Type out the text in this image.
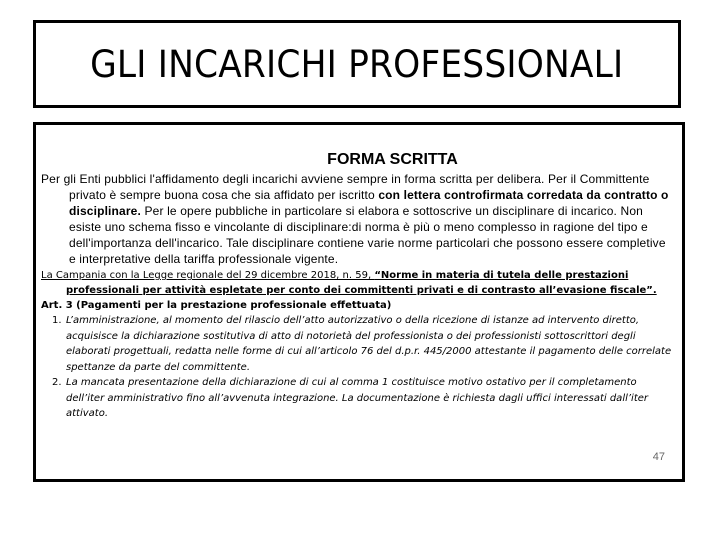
GLI INCARICHI PROFESSIONALI

FORMA SCRITTA

Per gli Enti pubblici l'affidamento degli incarichi avviene sempre in forma scritta per delibera. Per il Committente privato è sempre buona cosa che sia affidato per iscritto con lettera controfirmata corredata da contratto o disciplinare. Per le opere pubbliche in particolare si elabora e sottoscrive un disciplinare di incarico. Non esiste uno schema fisso e vincolante di disciplinare:di norma è più o meno complesso in ragione del tipo e dell'importanza dell'incarico. Tale disciplinare contiene varie norme particolari che possono essere completive e interpretative della tariffa professionale vigente.

La Campania con la Legge regionale del 29 dicembre 2018, n. 59, “Norme in materia di tutela delle prestazioni professionali per attività espletate per conto dei committenti privati e di contrasto all’evasione fiscale”.

Art. 3 (Pagamenti per la prestazione professionale effettuata)

1. L’amministrazione, al momento del rilascio dell’atto autorizzativo o della ricezione di istanze ad intervento diretto, acquisisce la dichiarazione sostitutiva di atto di notorietà del professionista o dei professionisti sottoscrittori degli elaborati progettuali, redatta nelle forme di cui all’articolo 76 del d.p.r. 445/2000 attestante il pagamento delle correlate spettanze da parte del committente.
2. La mancata presentazione della dichiarazione di cui al comma 1 costituisce motivo ostativo per il completamento dell’iter amministrativo fino all’avvenuta integrazione. La documentazione è richiesta dagli uffici interessati dall’iter attivato.
47
